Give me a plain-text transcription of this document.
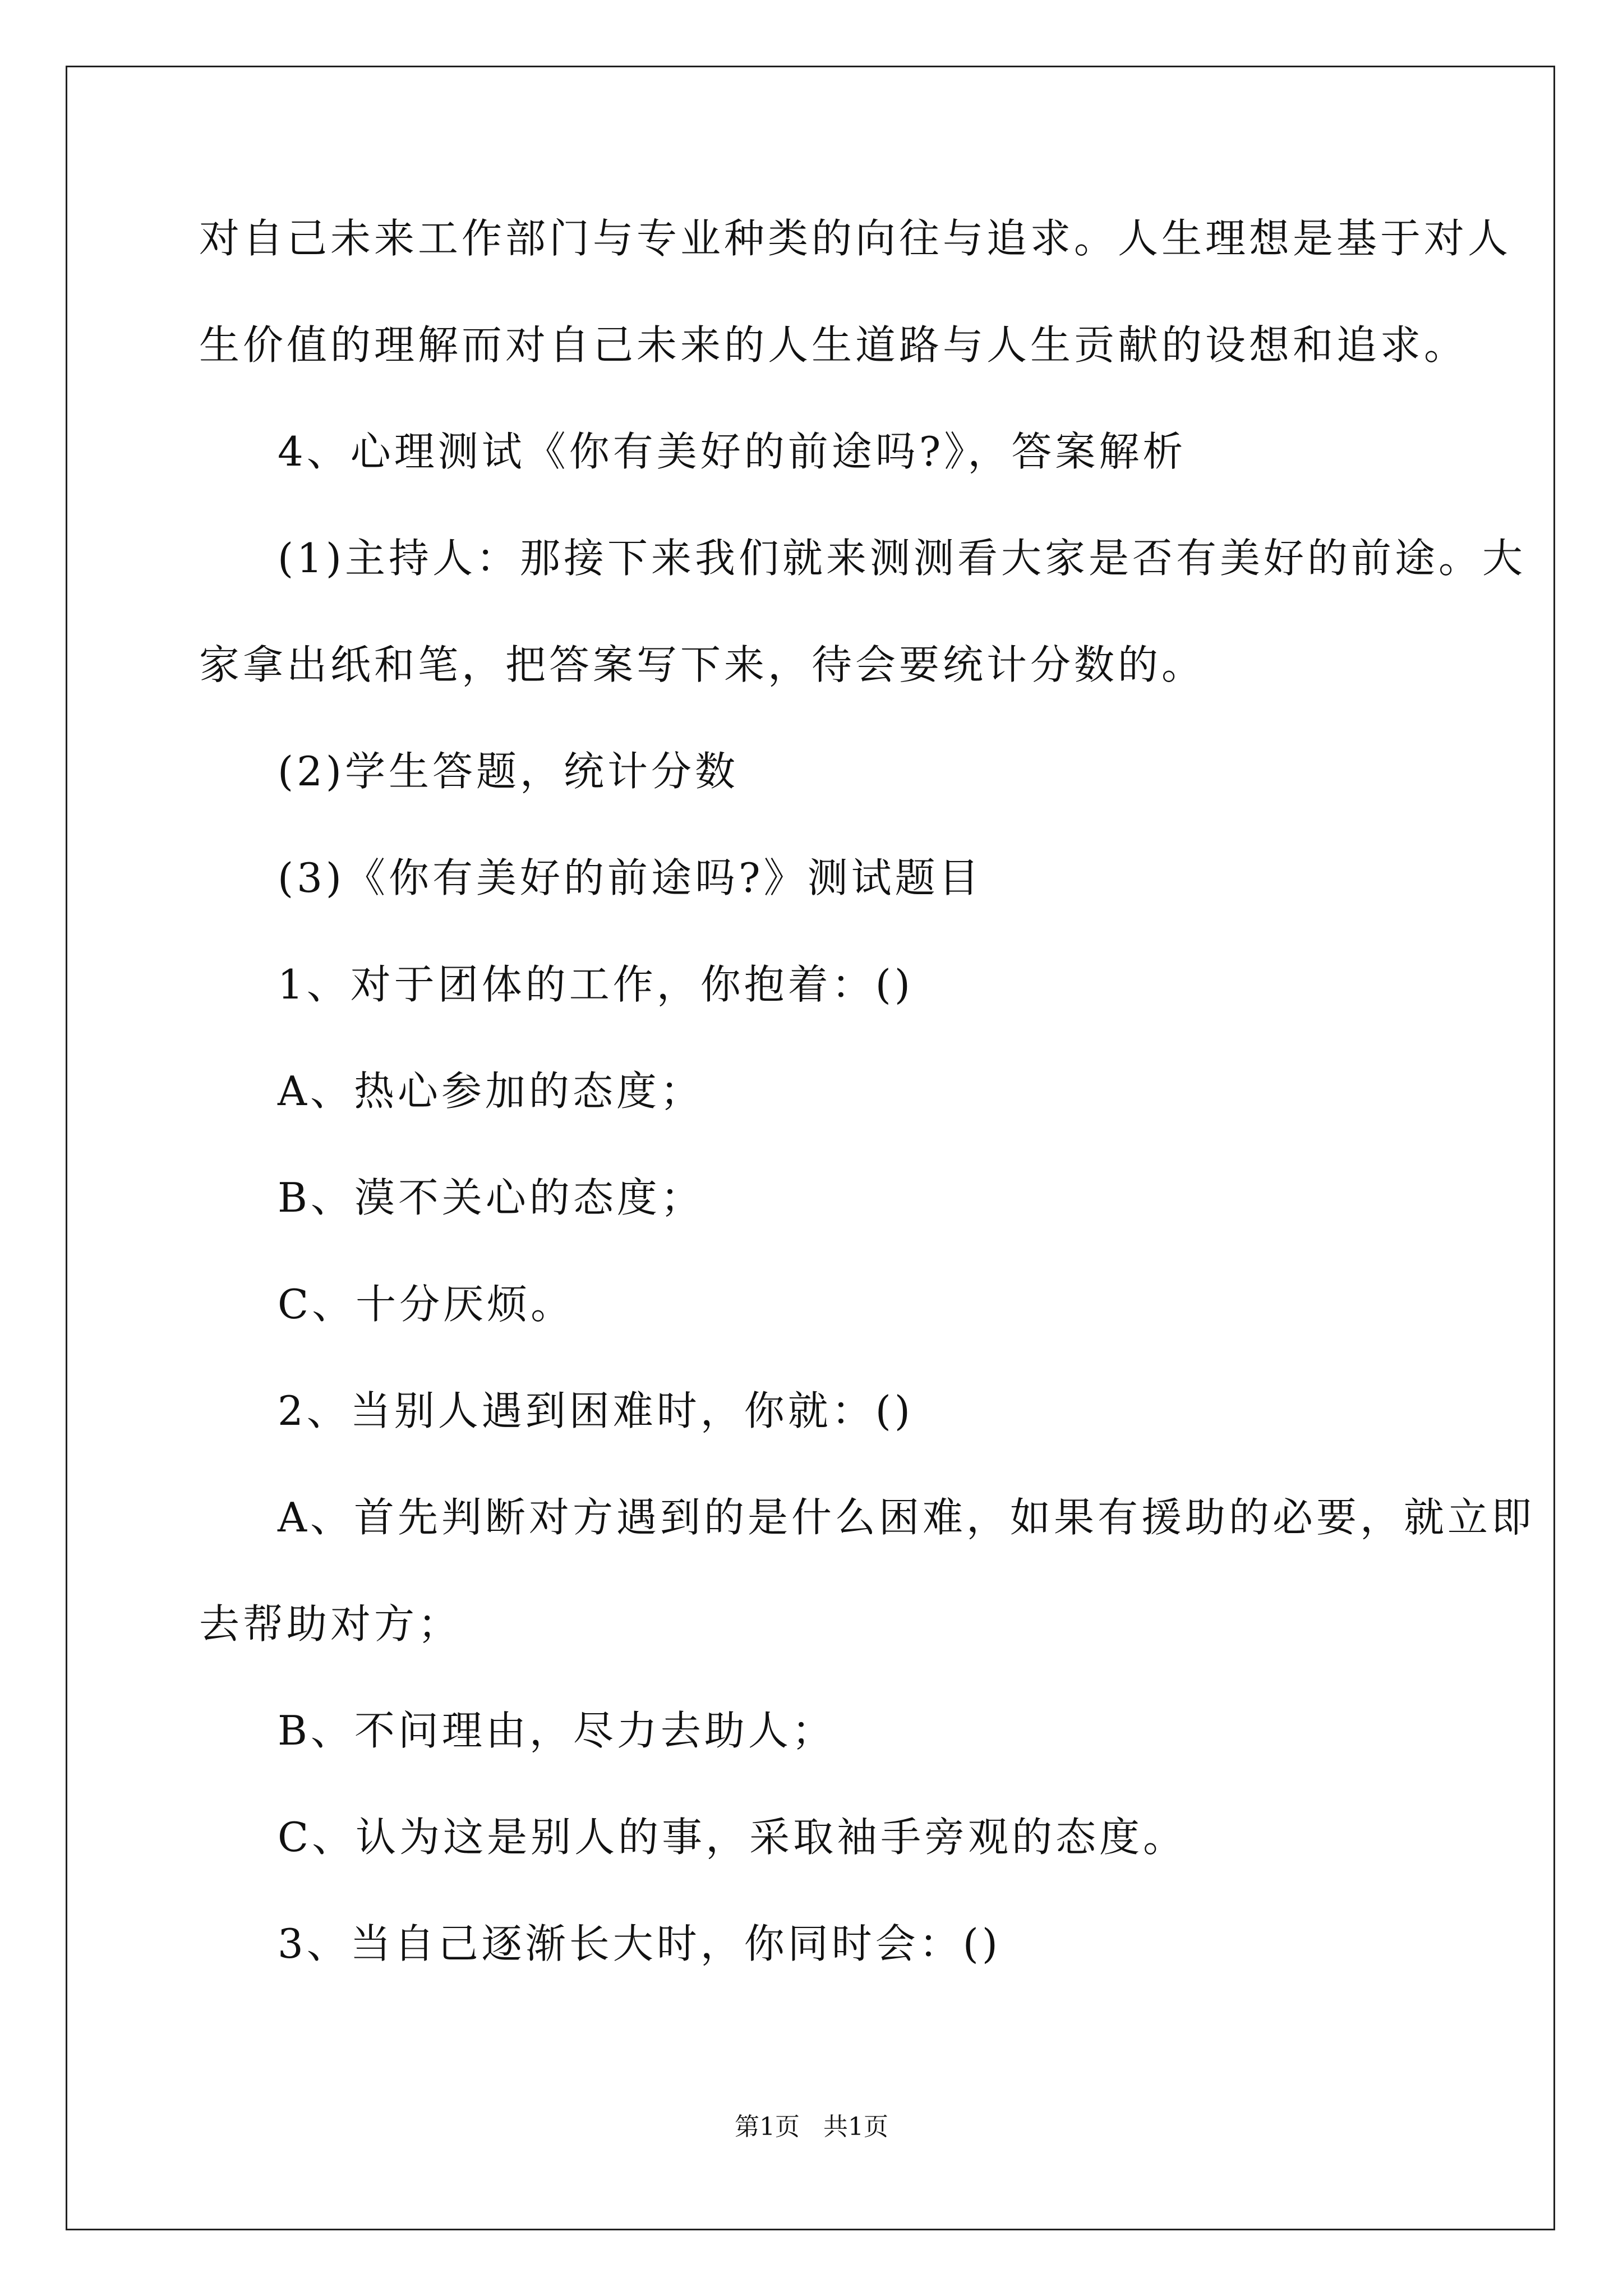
对自己未来工作部门与专业种类的向往与追求。人生理想是基于对人
生价值的理解而对自己未来的人生道路与人生贡献的设想和追求。
4、心理测试《你有美好的前途吗?》，答案解析
(1)主持人：那接下来我们就来测测看大家是否有美好的前途。大
家拿出纸和笔，把答案写下来，待会要统计分数的。
(2)学生答题，统计分数
(3)《你有美好的前途吗?》测试题目
1、对于团体的工作，你抱着：()
A、热心参加的态度；
B、漠不关心的态度；
C、十分厌烦。
2、当别人遇到困难时，你就：()
A、首先判断对方遇到的是什么困难，如果有援助的必要，就立即
去帮助对方；
B、不问理由，尽力去助人；
C、认为这是别人的事，采取袖手旁观的态度。
3、当自己逐渐长大时，你同时会：()
第1页   共1页
